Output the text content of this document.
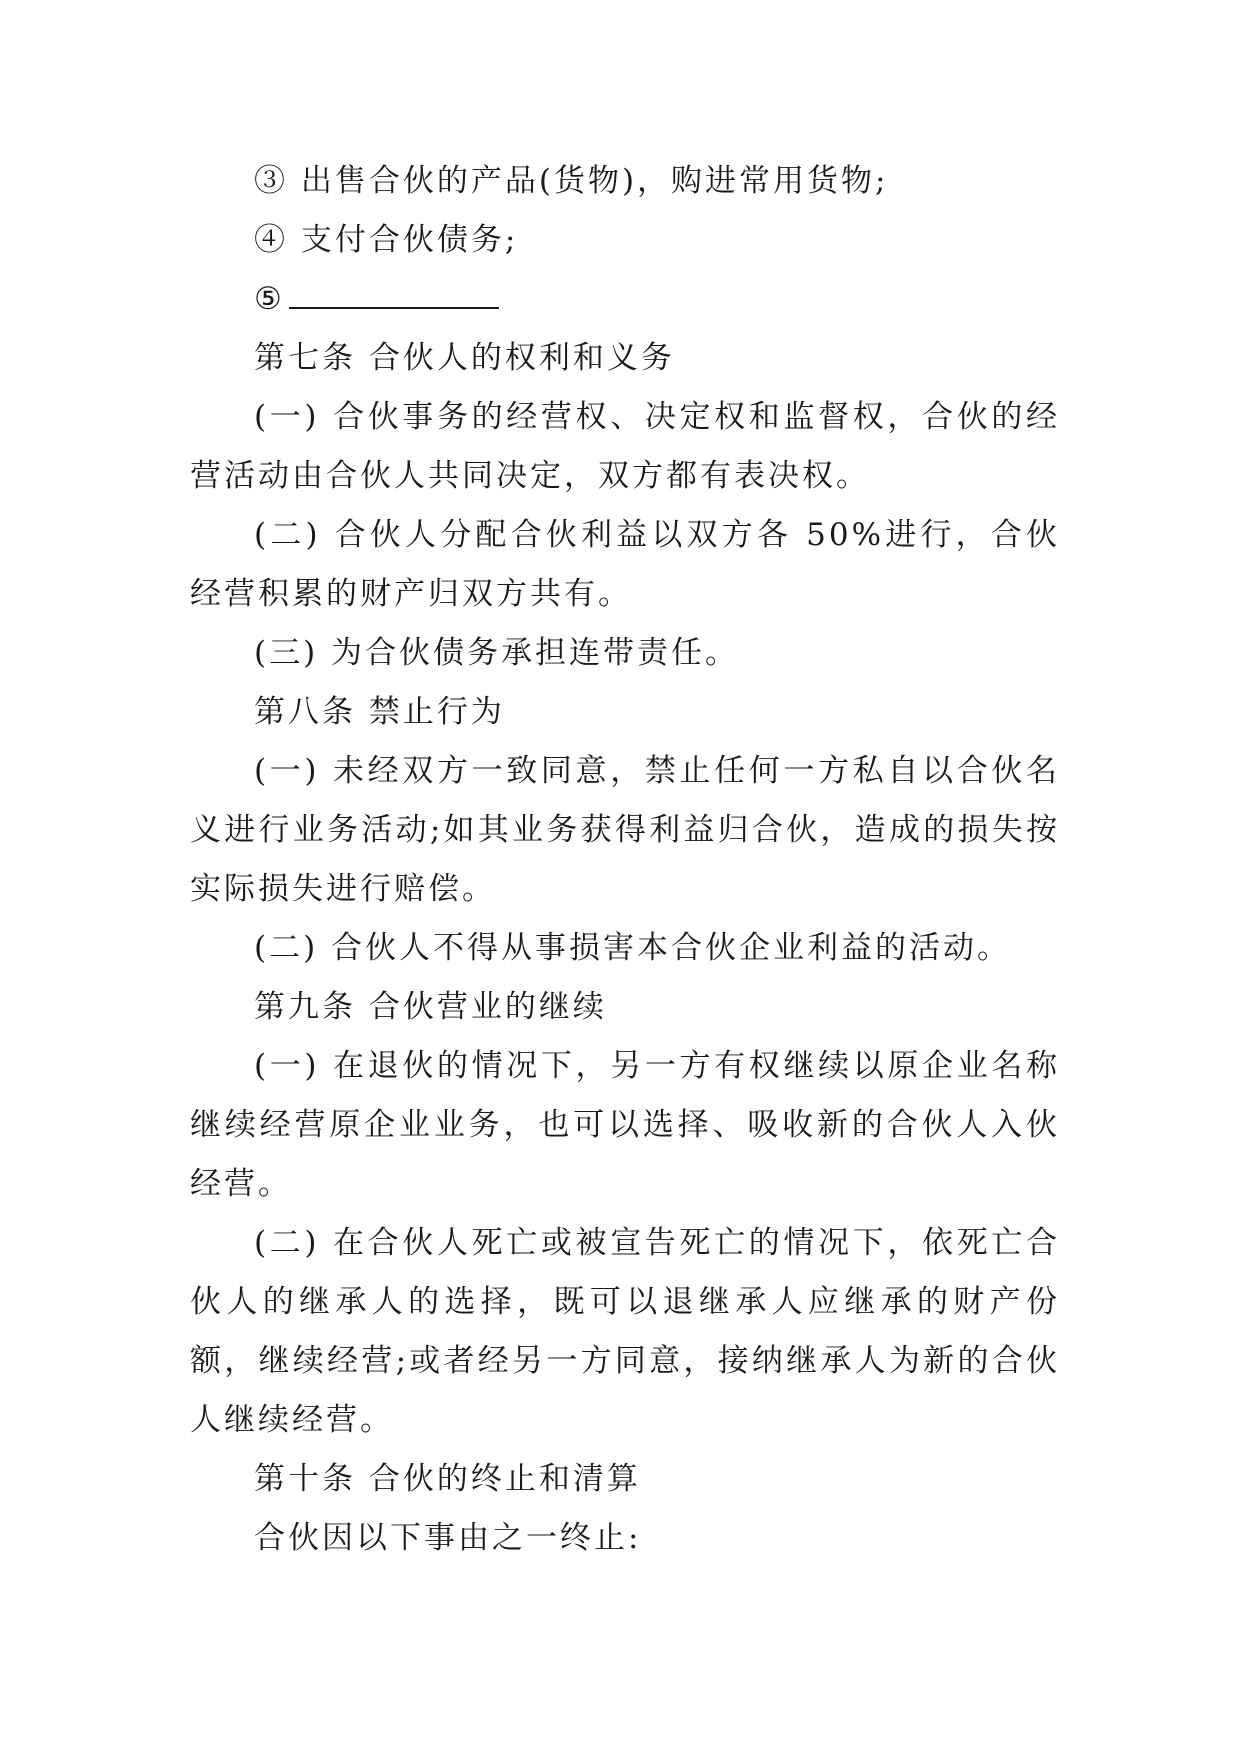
③ 出售合伙的产品(货物)，购进常用货物;

④ 支付合伙债务;

⑤

第七条 合伙人的权利和义务

(一) 合伙事务的经营权、决定权和监督权，合伙的经营活动由合伙人共同决定，双方都有表决权。

(二) 合伙人分配合伙利益以双方各 50%进行，合伙经营积累的财产归双方共有。

(三) 为合伙债务承担连带责任。

第八条 禁止行为

(一) 未经双方一致同意，禁止任何一方私自以合伙名义进行业务活动;如其业务获得利益归合伙，造成的损失按实际损失进行赔偿。

(二) 合伙人不得从事损害本合伙企业利益的活动。

第九条 合伙营业的继续

(一) 在退伙的情况下，另一方有权继续以原企业名称继续经营原企业业务，也可以选择、吸收新的合伙人入伙经营。

(二) 在合伙人死亡或被宣告死亡的情况下，依死亡合伙人的继承人的选择，既可以退继承人应继承的财产份额，继续经营;或者经另一方同意，接纳继承人为新的合伙人继续经营。

第十条 合伙的终止和清算

合伙因以下事由之一终止:
